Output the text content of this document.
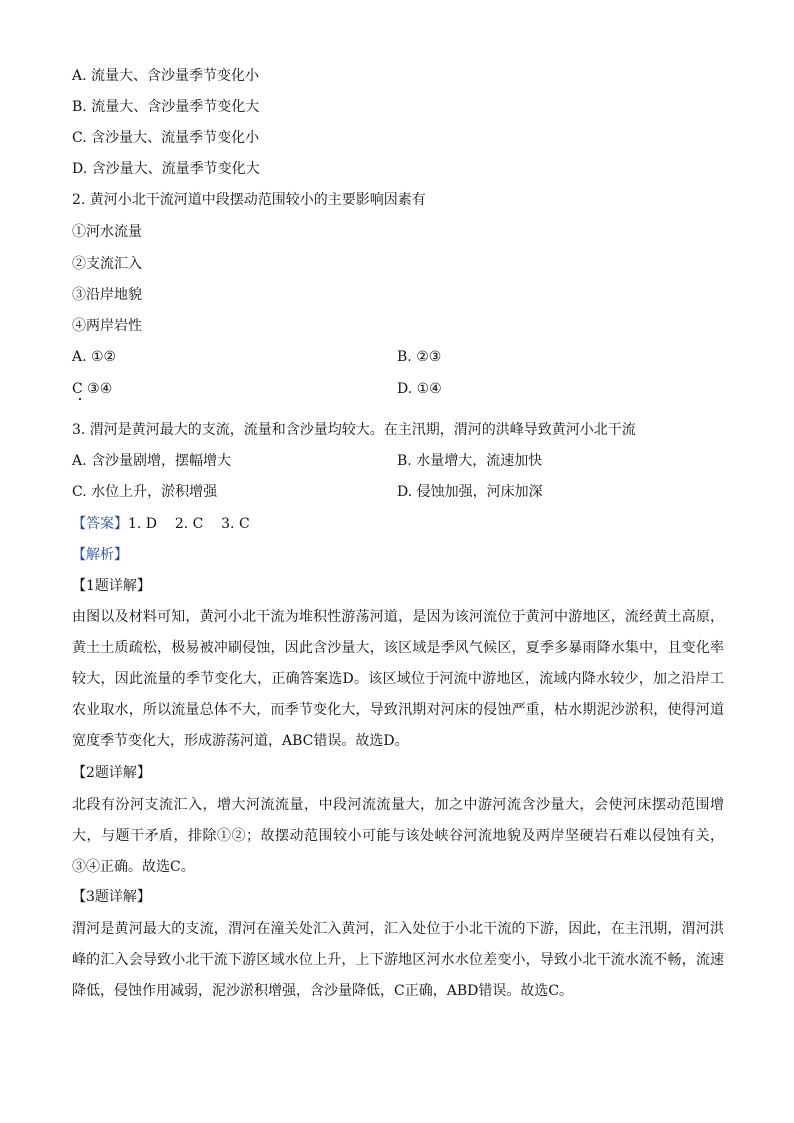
A. 流量大、含沙量季节变化小
B. 流量大、含沙量季节变化大
C. 含沙量大、流量季节变化小
D. 含沙量大、流量季节变化大
2. 黄河小北干流河道中段摆动范围较小的主要影响因素有
①河水流量
②支流汇入
③沿岸地貌
④两岸岩性
A. ①②	B. ②③
C ③④	D. ①④
3. 渭河是黄河最大的支流，流量和含沙量均较大。在主汛期，渭河的洪峰导致黄河小北干流
A. 含沙量剧增，摆幅增大	B. 水量增大，流速加快
C. 水位上升，淤积增强	D. 侵蚀加强，河床加深
【答案】1. D    2. C    3. C
【解析】
【1题详解】
由图以及材料可知，黄河小北干流为堆积性游荡河道，是因为该河流位于黄河中游地区，流经黄土高原，黄土土质疏松，极易被冲刷侵蚀，因此含沙量大，该区域是季风气候区，夏季多暴雨降水集中，且变化率较大，因此流量的季节变化大，正确答案选D。该区域位于河流中游地区，流域内降水较少，加之沿岸工农业取水，所以流量总体不大，而季节变化大，导致汛期对河床的侵蚀严重，枯水期泥沙淤积，使得河道宽度季节变化大，形成游荡河道，ABC错误。故选D。
【2题详解】
北段有汾河支流汇入，增大河流流量，中段河流流量大，加之中游河流含沙量大，会使河床摆动范围增大，与题干矛盾，排除①②；故摆动范围较小可能与该处峡谷河流地貌及两岸坚硬岩石难以侵蚀有关，③④正确。故选C。
【3题详解】
渭河是黄河最大的支流，渭河在潼关处汇入黄河，汇入处位于小北干流的下游，因此，在主汛期，渭河洪峰的汇入会导致小北干流下游区域水位上升，上下游地区河水水位差变小，导致小北干流水流不畅，流速降低，侵蚀作用减弱，泥沙淤积增强，含沙量降低，C正确，ABD错误。故选C。
